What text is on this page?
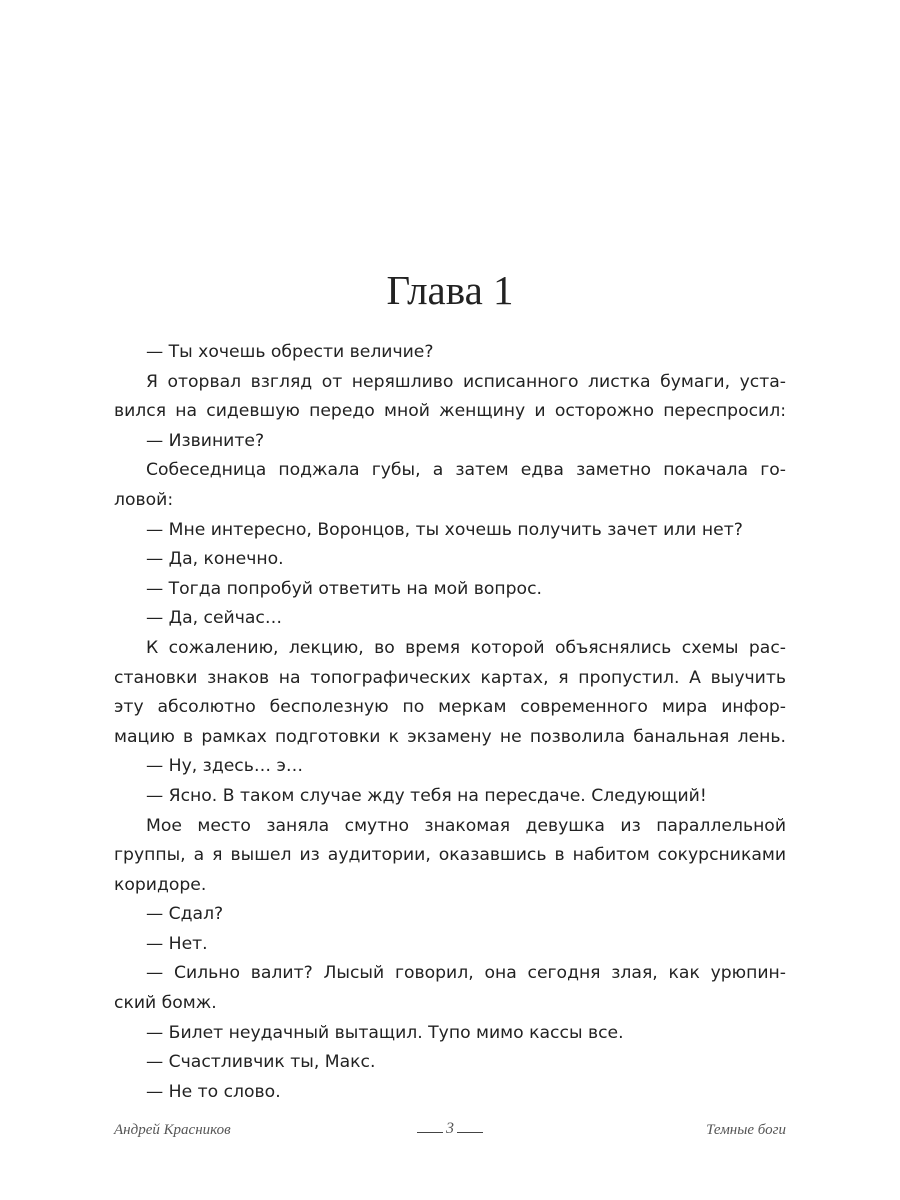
Глава 1
— Ты хочешь обрести величие?
Я оторвал взгляд от неряшливо исписанного листка бумаги, уста-
вился на сидевшую передо мной женщину и осторожно переспросил:
— Извините?
Собеседница поджала губы, а затем едва заметно покачала го-
ловой:
— Мне интересно, Воронцов, ты хочешь получить зачет или нет?
— Да, конечно.
— Тогда попробуй ответить на мой вопрос.
— Да, сейчас…
К сожалению, лекцию, во время которой объяснялись схемы рас-
становки знаков на топографических картах, я пропустил. А выучить
эту абсолютно бесполезную по меркам современного мира инфор-
мацию в рамках подготовки к экзамену не позволила банальная лень.
— Ну, здесь… э…
— Ясно. В таком случае жду тебя на пересдаче. Следующий!
Мое место заняла смутно знакомая девушка из параллельной
группы, а я вышел из аудитории, оказавшись в набитом сокурсниками
коридоре.
— Сдал?
— Нет.
— Сильно валит? Лысый говорил, она сегодня злая, как урюпин-
ский бомж.
— Билет неудачный вытащил. Тупо мимо кассы все.
— Счастливчик ты, Макс.
— Не то слово.
Андрей Красников	3	Темные боги
